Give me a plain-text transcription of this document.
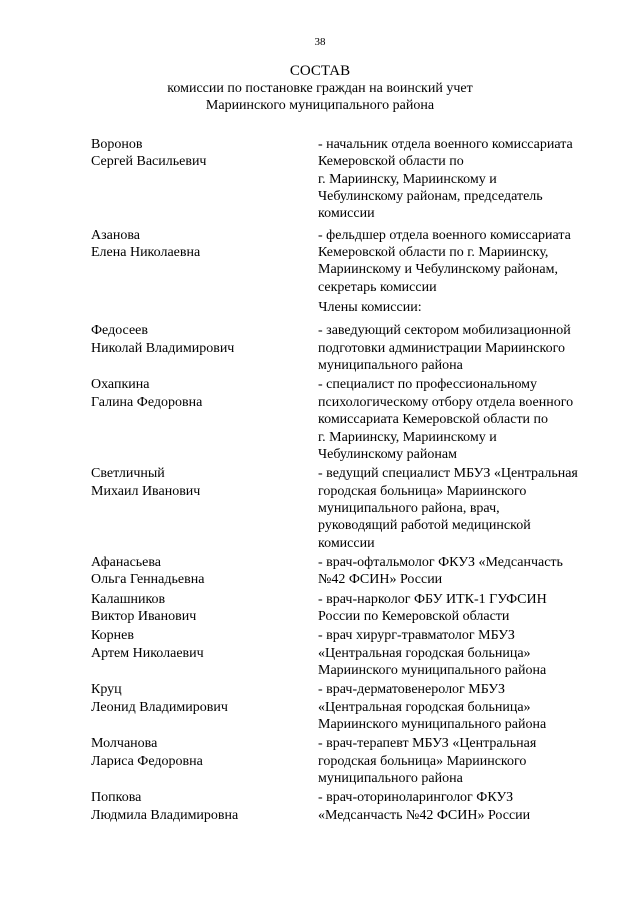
38
СОСТАВ
комиссии по постановке граждан на воинский учет
Мариинского муниципального района
Воронов
Сергей Васильевич
- начальник отдела военного комиссариата
Кемеровской области по
г. Мариинску, Мариинскому и
Чебулинскому районам, председатель
комиссии
Азанова
Елена Николаевна
- фельдшер отдела военного комиссариата
Кемеровской области по г. Мариинску,
Мариинскому и Чебулинскому районам,
секретарь комиссии
Члены комиссии:
Федосеев
Николай Владимирович
- заведующий сектором мобилизационной
подготовки администрации Мариинского
муниципального района
Охапкина
Галина Федоровна
- специалист по профессиональному
психологическому отбору отдела военного
комиссариата Кемеровской области по
г. Мариинску, Мариинскому и
Чебулинскому районам
Светличный
Михаил Иванович
- ведущий специалист МБУЗ «Центральная
городская больница» Мариинского
муниципального района, врач,
руководящий работой медицинской
комиссии
Афанасьева
Ольга Геннадьевна
- врач-офтальмолог ФКУЗ «Медсанчасть
№42 ФСИН» России
Калашников
Виктор Иванович
- врач-нарколог ФБУ ИТК-1 ГУФСИН
России по Кемеровской области
Корнев
Артем Николаевич
- врач хирург-травматолог МБУЗ
«Центральная городская больница»
Мариинского муниципального района
Круц
Леонид Владимирович
- врач-дерматовенеролог МБУЗ
«Центральная городская больница»
Мариинского муниципального района
Молчанова
Лариса Федоровна
- врач-терапевт МБУЗ «Центральная
городская больница» Мариинского
муниципального района
Попкова
Людмила Владимировна
- врач-оториноларинголог ФКУЗ
«Медсанчасть №42 ФСИН» России
